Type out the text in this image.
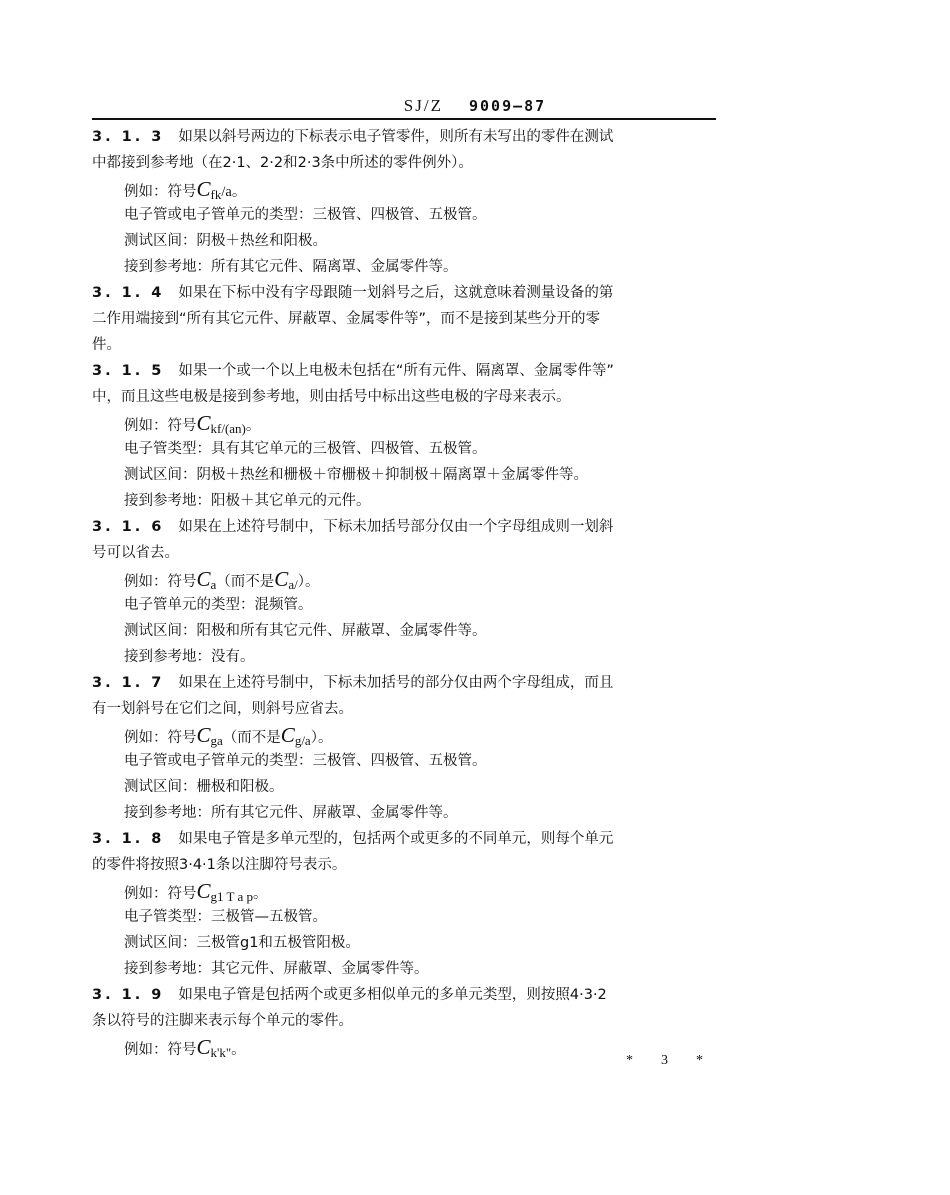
SJ/Z 9009—87
3. 1. 3 如果以斜号两边的下标表示电子管零件，则所有未写出的零件在测试
中都接到参考地（在2·1、2·2和2·3条中所述的零件例外）。
例如：符号$C_{fk}/a$。
电子管或电子管单元的类型：三极管、四极管、五极管。
测试区间：阴极＋热丝和阳极。
接到参考地：所有其它元件、隔离罩、金属零件等。
3. 1. 4 如果在下标中没有字母跟随一划斜号之后，这就意味着测量设备的第
二作用端接到“所有其它元件、屏蔽罩、金属零件等”，而不是接到某些分开的零
件。
3. 1. 5 如果一个或一个以上电极未包括在“所有元件、隔离罩、金属零件等”
中，而且这些电极是接到参考地，则由括号中标出这些电极的字母来表示。
例如：符号$C_{kf/(an)}$。
电子管类型：具有其它单元的三极管、四极管、五极管。
测试区间：阴极＋热丝和栅极＋帘栅极＋抑制极＋隔离罩＋金属零件等。
接到参考地：阳极＋其它单元的元件。
3. 1. 6 如果在上述符号制中，下标未加括号部分仅由一个字母组成则一划斜
号可以省去。
例如：符号$C_a$（而不是$C_{a/}$）。
电子管单元的类型：混频管。
测试区间：阳极和所有其它元件、屏蔽罩、金属零件等。
接到参考地：没有。
3. 1. 7 如果在上述符号制中，下标未加括号的部分仅由两个字母组成，而且
有一划斜号在它们之间，则斜号应省去。
例如：符号$C_{ga}$（而不是$C_{g/a}$）。
电子管或电子管单元的类型：三极管、四极管、五极管。
测试区间：栅极和阳极。
接到参考地：所有其它元件、屏蔽罩、金属零件等。
3. 1. 8 如果电子管是多单元型的，包括两个或更多的不同单元，则每个单元
的零件将按照3·4·1条以注脚符号表示。
例如：符号$C_{g1 T a p}$。
电子管类型：三极管—五极管。
测试区间：三极管g1和五极管阳极。
接到参考地：其它元件、屏蔽罩、金属零件等。
3. 1. 9 如果电子管是包括两个或更多相似单元的多单元类型，则按照4·3·2
条以符号的注脚来表示每个单元的零件。
例如：符号$C_{k'k"}$。
* 3 *
